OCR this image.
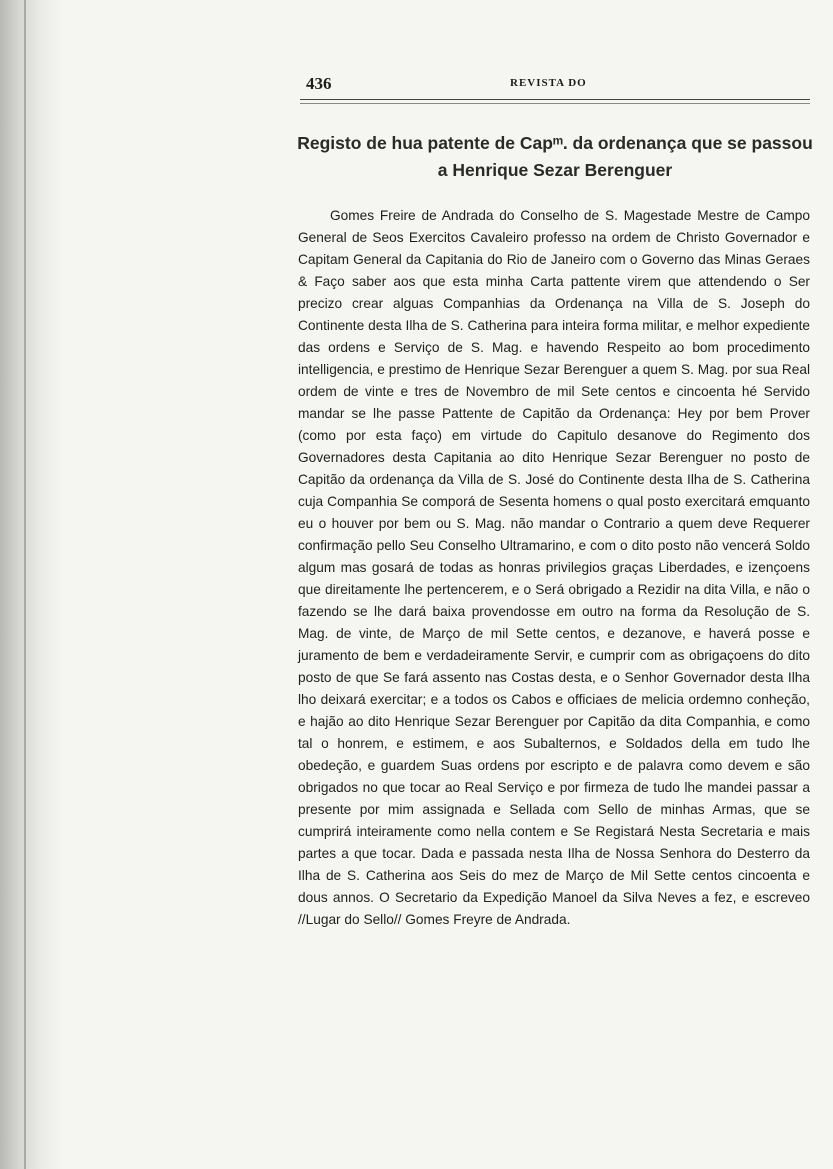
436	REVISTA DO
Registo de hua patente de Capᵐ. da ordenança que se passou a Henrique Sezar Berenguer

Gomes Freire de Andrada do Conselho de S. Magestade Mestre de Campo General de Seos Exercitos Cavaleiro professo na ordem de Christo Governador e Capitam General da Capitania do Rio de Janeiro com o Governo das Minas Geraes & Faço saber aos que esta minha Carta pattente virem que attendendo o Ser precizo crear alguas Companhias da Ordenança na Villa de S. Joseph do Continente desta Ilha de S. Catherina para inteira forma militar, e melhor expediente das ordens e Serviço de S. Mag. e havendo Respeito ao bom procedimento intelligencia, e prestimo de Henrique Sezar Berenguer a quem S. Mag. por sua Real ordem de vinte e tres de Novembro de mil Sete centos e cincoenta hé Servido mandar se lhe passe Pattente de Capitão da Ordenança: Hey por bem Prover (como por esta faço) em virtude do Capitulo desanove do Regimento dos Governadores desta Capitania ao dito Henrique Sezar Berenguer no posto de Capitão da ordenança da Villa de S. José do Continente desta Ilha de S. Catherina cuja Companhia Se comporá de Sesenta homens o qual posto exercitará emquanto eu o houver por bem ou S. Mag. não mandar o Contrario a quem deve Requerer confirmação pello Seu Conselho Ultramarino, e com o dito posto não vencerá Soldo algum mas gosará de todas as honras privilegios graças Liberdades, e izençoens que direitamente lhe pertencerem, e o Será obrigado a Rezidir na dita Villa, e não o fazendo se lhe dará baixa provendosse em outro na forma da Resolução de S. Mag. de vinte, de Março de mil Sette centos, e dezanove, e haverá posse e juramento de bem e verdadeiramente Servir, e cumprir com as obrigaçoens do dito posto de que Se fará assento nas Costas desta, e o Senhor Governador desta Ilha lho deixará exercitar; e a todos os Cabos e officiaes de melicia ordemno conheção, e hajão ao dito Henrique Sezar Berenguer por Capitão da dita Companhia, e como tal o honrem, e estimem, e aos Subalternos, e Soldados della em tudo lhe obedeção, e guardem Suas ordens por escripto e de palavra como devem e são obrigados no que tocar ao Real Serviço e por firmeza de tudo lhe mandei passar a presente por mim assignada e Sellada com Sello de minhas Armas, que se cumprirá inteiramente como nella contem e Se Registará Nesta Secretaria e mais partes a que tocar. Dada e passada nesta Ilha de Nossa Senhora do Desterro da Ilha de S. Catherina aos Seis do mez de Março de Mil Sette centos cincoenta e dous annos. O Secretario da Expedição Manoel da Silva Neves a fez, e escreveo //Lugar do Sello// Gomes Freyre de Andrada.
